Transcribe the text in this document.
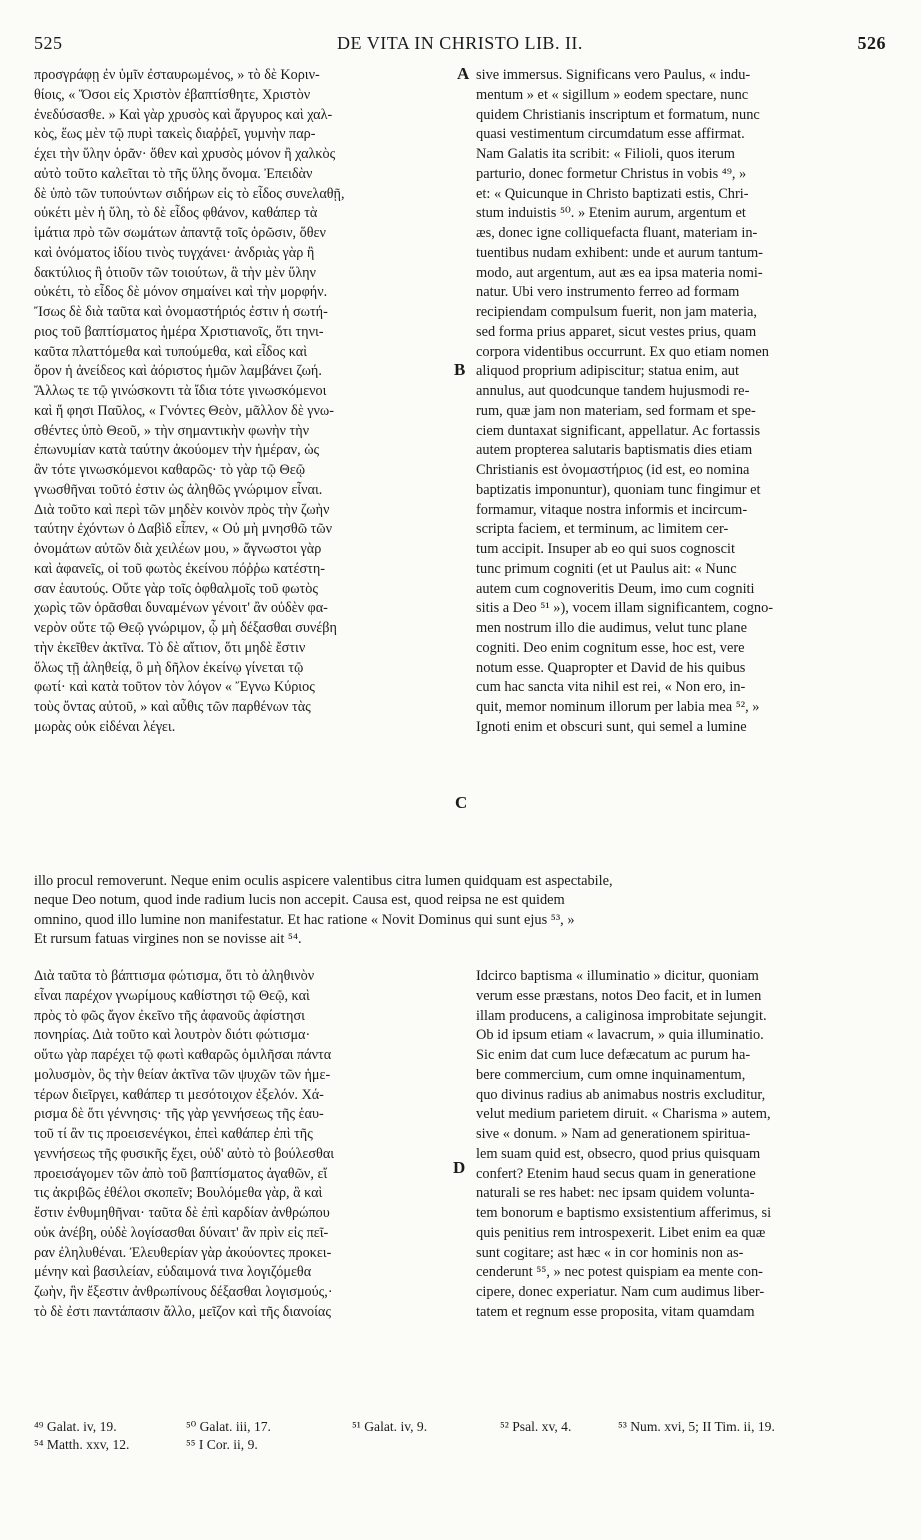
525	DE VITA IN CHRISTO LIB. II.	526

προσγράφῃ ἐν ὑμῖν ἐσταυρωμένος, » τὸ δὲ Κοριν-

θίοις, « Ὅσοι εἰς Χριστὸν ἐβαπτίσθητε, Χριστὸν

ἐνεδύσασθε. » Καὶ γὰρ χρυσὸς καὶ ἄργυρος καὶ χαλ-

κὸς, ἕως μὲν τῷ πυρὶ τακεὶς διαῤῥεῖ, γυμνὴν παρ-

έχει τὴν ὕλην ὁρᾶν· ὅθεν καὶ χρυσὸς μόνον ἢ χαλκὸς

αὐτὸ τοῦτο καλεῖται τὸ τῆς ὕλης ὄνομα. Ἐπειδὰν

δὲ ὑπὸ τῶν τυπούντων σιδήρων εἰς τὸ εἶδος συνελαθῇ,

οὐκέτι μὲν ἡ ὕλη, τὸ δὲ εἶδος φθάνον, καθάπερ τὰ

ἱμάτια πρὸ τῶν σωμάτων ἀπαντᾷ τοῖς ὁρῶσιν, ὅθεν

καὶ ὀνόματος ἰδίου τινὸς τυγχάνει· ἀνδριὰς γὰρ ἢ

δακτύλιος ἢ ὁτιοῦν τῶν τοιούτων, ἃ τὴν μὲν ὕλην

οὐκέτι, τὸ εἶδος δὲ μόνον σημαίνει καὶ τὴν μορφήν.

Ἴσως δὲ διὰ ταῦτα καὶ ὀνομαστήριός ἐστιν ἡ σωτή-

ριος τοῦ βαπτίσματος ἡμέρα Χριστιανοῖς, ὅτι τηνι-

καῦτα πλαττόμεθα καὶ τυπούμεθα, καὶ εἶδος καὶ

ὅρον ἡ ἀνείδεος καὶ ἀόριστος ἡμῶν λαμβάνει ζωή.

Ἄλλως τε τῷ γινώσκοντι τὰ ἴδια τότε γινωσκόμενοι

καὶ ἥ φησι Παῦλος, « Γνόντες Θεὸν, μᾶλλον δὲ γνω-

σθέντες ὑπὸ Θεοῦ, » τὴν σημαντικὴν φωνὴν τὴν

ἐπωνυμίαν κατὰ ταύτην ἀκούομεν τὴν ἡμέραν, ὡς

ἂν τότε γινωσκόμενοι καθαρῶς· τὸ γὰρ τῷ Θεῷ

γνωσθῆναι τοῦτό ἐστιν ὡς ἀληθῶς γνώριμον εἶναι.

Διὰ τοῦτο καὶ περὶ τῶν μηδὲν κοινὸν πρὸς τὴν ζωὴν

ταύτην ἐχόντων ὁ Δαβὶδ εἶπεν, « Οὐ μὴ μνησθῶ τῶν

ὀνομάτων αὐτῶν διὰ χειλέων μου, » ἄγνωστοι γὰρ

καὶ ἀφανεῖς, οἱ τοῦ φωτὸς ἐκείνου πόῤῥω κατέστη-

σαν ἑαυτούς. Οὔτε γὰρ τοῖς ὀφθαλμοῖς τοῦ φωτὸς

χωρὶς τῶν ὁρᾶσθαι δυναμένων γένοιτ' ἂν οὐδὲν φα-

νερὸν οὔτε τῷ Θεῷ γνώριμον, ᾧ μὴ δέξασθαι συνέβη

τὴν ἐκεῖθεν ἀκτῖνα. Τὸ δὲ αἴτιον, ὅτι μηδὲ ἔστιν

ὅλως τῇ ἀληθείᾳ, ὃ μὴ δῆλον ἐκείνῳ γίνεται τῷ

φωτί· καὶ κατὰ τοῦτον τὸν λόγον « Ἔγνω Κύριος

τοὺς ὄντας αὐτοῦ, » καὶ αὖθις τῶν παρθένων τὰς

μωρὰς οὐκ εἰδέναι λέγει.

sive immersus. Significans vero Paulus, « indu-

mentum » et « sigillum » eodem spectare, nunc

quidem Christianis inscriptum et formatum, nunc

quasi vestimentum circumdatum esse affirmat.

Nam Galatis ita scribit: « Filioli, quos iterum

parturio, donec formetur Christus in vobis ⁴⁹, »

et: « Quicunque in Christo baptizati estis, Chri-

stum induistis ⁵⁰. » Etenim aurum, argentum et

æs, donec igne colliquefacta fluant, materiam in-

tuentibus nudam exhibent: unde et aurum tantum-

modo, aut argentum, aut æs ea ipsa materia nomi-

natur. Ubi vero instrumento ferreo ad formam

recipiendam compulsum fuerit, non jam materia,

sed forma prius apparet, sicut vestes prius, quam

corpora videntibus occurrunt. Ex quo etiam nomen

aliquod proprium adipiscitur; statua enim, aut

annulus, aut quodcunque tandem hujusmodi re-

rum, quæ jam non materiam, sed formam et spe-

ciem duntaxat significant, appellatur. Ac fortassis

autem propterea salutaris baptismatis dies etiam

Christianis est ὀνομαστήριος (id est, eo nomina

baptizatis imponuntur), quoniam tunc fingimur et

formamur, vitaque nostra informis et incircum-

scripta faciem, et terminum, ac limitem cer-

tum accipit. Insuper ab eo qui suos cognoscit

tunc primum cogniti (et ut Paulus ait: « Nunc

autem cum cognoveritis Deum, imo cum cogniti

sitis a Deo ⁵¹ »), vocem illam significantem, cogno-

men nostrum illo die audimus, velut tunc plane

cogniti. Deo enim cognitum esse, hoc est, vere

notum esse. Quapropter et David de his quibus

cum hac sancta vita nihil est rei, « Non ero, in-

quit, memor nominum illorum per labia mea ⁵², »

Ignoti enim et obscuri sunt, qui semel a lumine

A
B
C
D

illo procul removerunt. Neque enim oculis aspicere valentibus citra lumen quidquam est aspectabile,

neque Deo notum, quod inde radium lucis non accepit. Causa est, quod reipsa ne est quidem

omnino, quod illo lumine non manifestatur. Et hac ratione « Novit Dominus qui sunt ejus ⁵³, »

Et rursum fatuas virgines non se novisse ait ⁵⁴.

Διὰ ταῦτα τὸ βάπτισμα φώτισμα, ὅτι τὸ ἀληθινὸν

εἶναι παρέχον γνωρίμους καθίστησι τῷ Θεῷ, καὶ

πρὸς τὸ φῶς ἄγον ἐκεῖνο τῆς ἀφανοῦς ἀφίστησι

πονηρίας. Διὰ τοῦτο καὶ λουτρὸν διότι φώτισμα·

οὕτω γὰρ παρέχει τῷ φωτὶ καθαρῶς ὁμιλῆσαι πάντα

μολυσμὸν, ὃς τὴν θείαν ἀκτῖνα τῶν ψυχῶν τῶν ἡμε-

τέρων διεῖργει, καθάπερ τι μεσότοιχον ἐξελόν. Χά-

ρισμα δὲ ὅτι γέννησις· τῆς γὰρ γεννήσεως τῆς ἑαυ-

τοῦ τί ἂν τις προεισενέγκοι, ἐπεὶ καθάπερ ἐπὶ τῆς

γεννήσεως τῆς φυσικῆς ἔχει, οὐδ' αὐτὸ τὸ βούλεσθαι

προεισάγομεν τῶν ἀπὸ τοῦ βαπτίσματος ἀγαθῶν, εἴ

τις ἀκριβῶς ἐθέλοι σκοπεῖν; Βουλόμεθα γὰρ, ἃ καὶ

ἔστιν ἐνθυμηθῆναι· ταῦτα δὲ ἐπὶ καρδίαν ἀνθρώπου

οὐκ ἀνέβη, οὐδὲ λογίσασθαι δύναιτ' ἂν πρὶν εἰς πεῖ-

ραν ἐληλυθέναι. Ἐλευθερίαν γὰρ ἀκούοντες προκει-

μένην καὶ βασιλείαν, εὐδαιμονά τινα λογιζόμεθα

ζωὴν, ἣν ἔξεστιν ἀνθρωπίνους δέξασθαι λογισμούς,·

τὸ δὲ ἐστι παντάπασιν ἄλλο, μεῖζον καὶ τῆς διανοίας

Idcirco baptisma « illuminatio » dicitur, quoniam

verum esse præstans, notos Deo facit, et in lumen

illam producens, a caliginosa improbitate sejungit.

Ob id ipsum etiam « lavacrum, » quia illuminatio.

Sic enim dat cum luce defæcatum ac purum ha-

bere commercium, cum omne inquinamentum,

quo divinus radius ab animabus nostris excluditur,

velut medium parietem diruit. « Charisma » autem,

sive « donum. » Nam ad generationem spiritua-

lem suam quid est, obsecro, quod prius quisquam

confert? Etenim haud secus quam in generatione

naturali se res habet: nec ipsam quidem volunta-

tem bonorum e baptismo exsistentium afferimus, si

quis penitius rem introspexerit. Libet enim ea quæ

sunt cogitare; ast hæc « in cor hominis non as-

cenderunt ⁵⁵, » nec potest quispiam ea mente con-

cipere, donec experiatur. Nam cum audimus liber-

tatem et regnum esse proposita, vitam quamdam

⁴⁹ Galat. iv, 19.	⁵⁰ Galat. iii, 17.	⁵¹ Galat. iv, 9.	⁵² Psal. xv, 4.	⁵³ Num. xvi, 5; II Tim. ii, 19.
⁵⁴ Matth. xxv, 12.	⁵⁵ I Cor. ii, 9.
